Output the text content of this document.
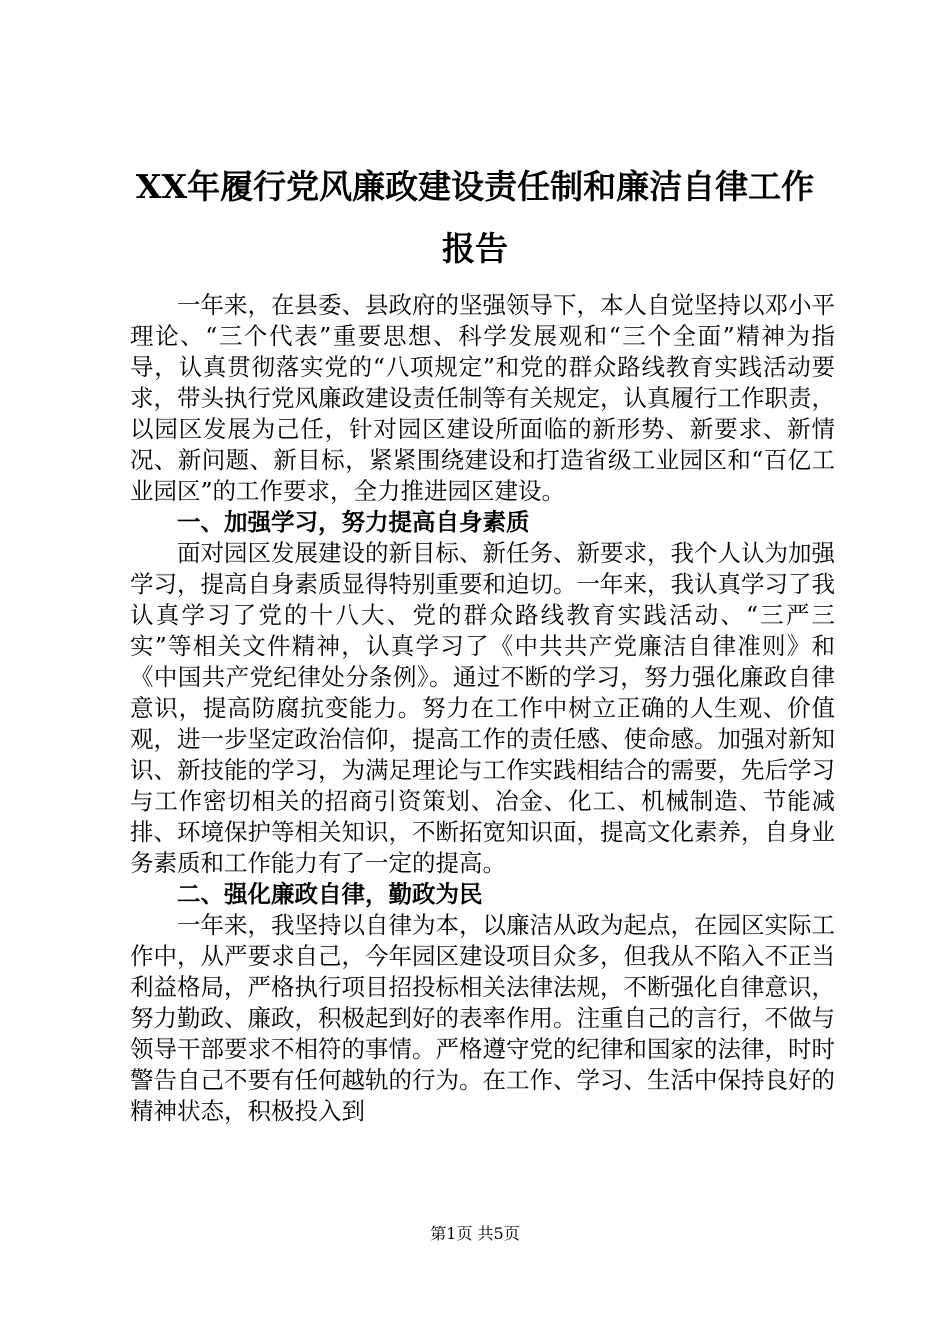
XX年履行党风廉政建设责任制和廉洁自律工作报告

一年来，在县委、县政府的坚强领导下，本人自觉坚持以邓小平理论、“三个代表”重要思想、科学发展观和“三个全面”精神为指导，认真贯彻落实党的“八项规定”和党的群众路线教育实践活动要求，带头执行党风廉政建设责任制等有关规定，认真履行工作职责，以园区发展为己任，针对园区建设所面临的新形势、新要求、新情况、新问题、新目标，紧紧围绕建设和打造省级工业园区和“百亿工业园区”的工作要求，全力推进园区建设。

一、加强学习，努力提高自身素质

面对园区发展建设的新目标、新任务、新要求，我个人认为加强学习，提高自身素质显得特别重要和迫切。一年来，我认真学习了我认真学习了党的十八大、党的群众路线教育实践活动、“三严三实”等相关文件精神，认真学习了《中共共产党廉洁自律准则》和《中国共产党纪律处分条例》。通过不断的学习，努力强化廉政自律意识，提高防腐抗变能力。努力在工作中树立正确的人生观、价值观，进一步坚定政治信仰，提高工作的责任感、使命感。加强对新知识、新技能的学习，为满足理论与工作实践相结合的需要，先后学习与工作密切相关的招商引资策划、冶金、化工、机械制造、节能减排、环境保护等相关知识，不断拓宽知识面，提高文化素养，自身业务素质和工作能力有了一定的提高。

二、强化廉政自律，勤政为民

一年来，我坚持以自律为本，以廉洁从政为起点，在园区实际工作中，从严要求自己，今年园区建设项目众多，但我从不陷入不正当利益格局，严格执行项目招投标相关法律法规，不断强化自律意识，努力勤政、廉政，积极起到好的表率作用。注重自己的言行，不做与领导干部要求不相符的事情。严格遵守党的纪律和国家的法律，时时警告自己不要有任何越轨的行为。在工作、学习、生活中保持良好的精神状态，积极投入到

第1页 共5页
